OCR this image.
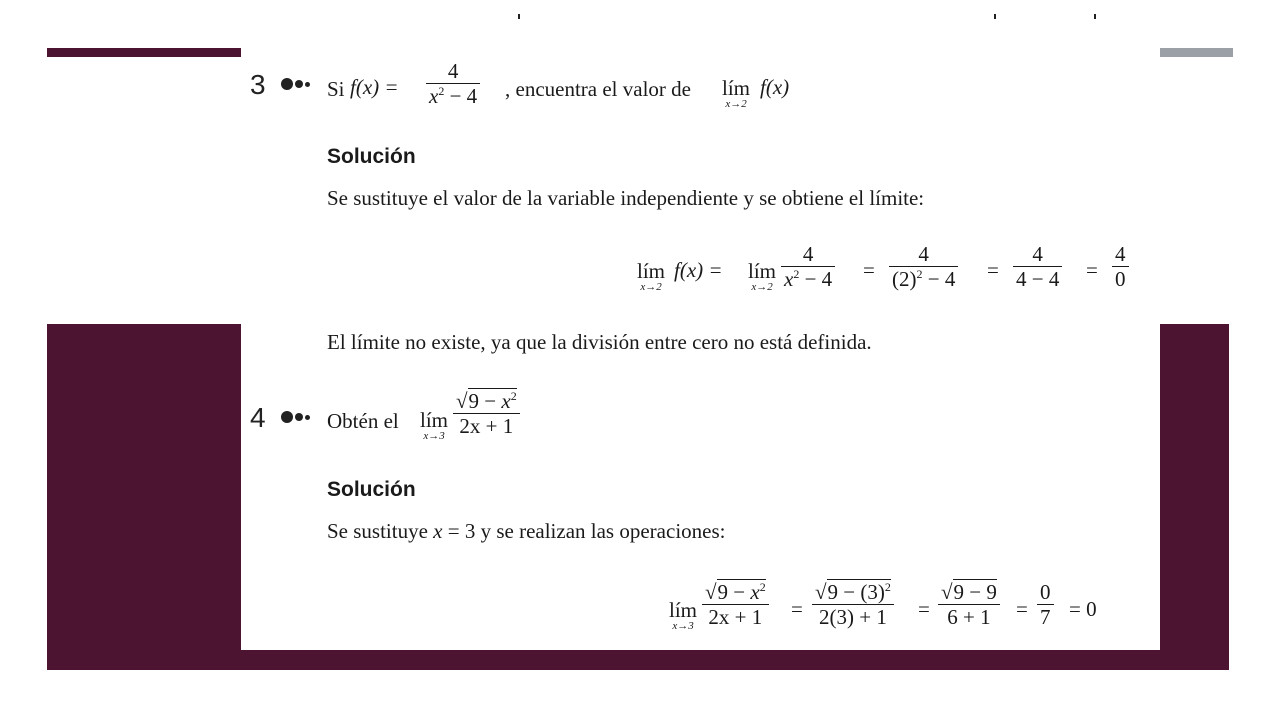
3	Si f(x) =
4
$x^2 - 4$ , encuentra el valor de lím
x→2
f(x)
Solución
Se sustituye el valor de la variable independiente y se obtiene el límite:
lím
x→2
f(x) = lím
x→2
4
$x^2 - 4$ =
4
$(2)^2 - 4$ =
4
4 − 4 =
4
0
El límite no existe, ya que la división entre cero no está definida.
4	Obtén el lím
x→3
$√9 - x^2$
2x + 1
Solución
Se sustituye x = 3 y se realizan las operaciones:
lím
x→3
$√9 - x^2$
2x + 1 =
$√9 - (3)^2$
2(3) + 1 =
√9 − 9
6 + 1 =
0
7 = 0
